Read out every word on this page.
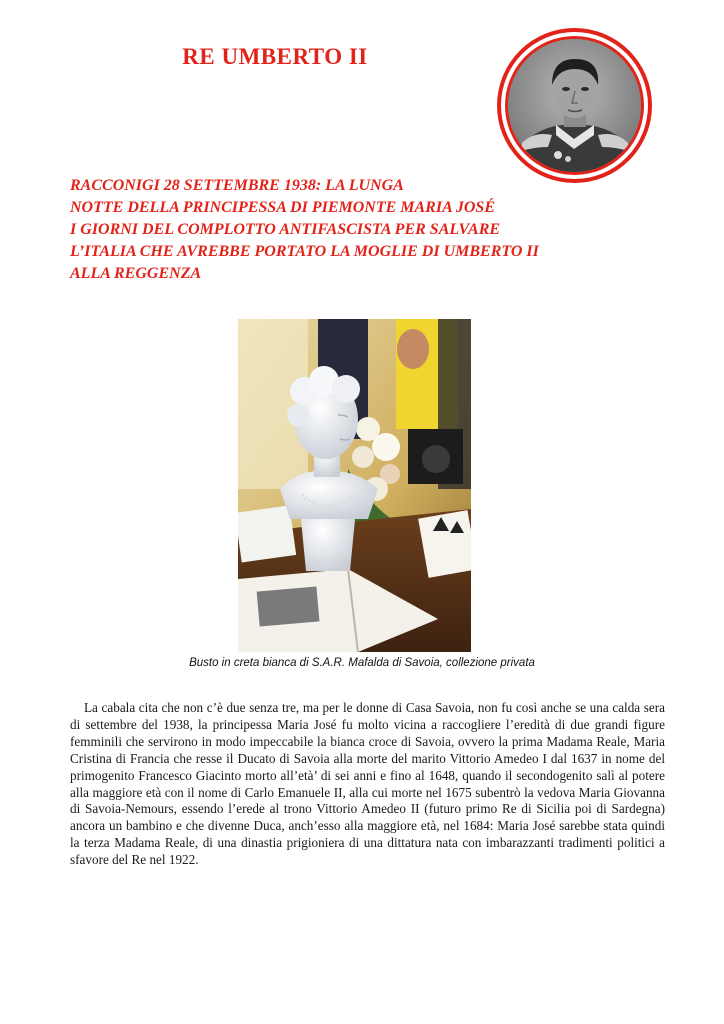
RE UMBERTO II
RACCONIGI 28 SETTEMBRE 1938: LA LUNGA
NOTTE DELLA PRINCIPESSA DI PIEMONTE MARIA JOSÉ
I GIORNI DEL COMPLOTTO ANTIFASCISTA PER SALVARE
L’ITALIA CHE AVREBBE PORTATO LA MOGLIE DI UMBERTO II
ALLA REGGENZA
Busto in creta bianca di S.A.R. Mafalda di Savoia, collezione privata

La cabala cita che non c’è due senza tre, ma per le donne di Casa Savoia, non fu così anche se una calda sera di settembre del 1938, la principessa Maria José fu molto vicina a raccogliere l’eredità di due grandi figure femminili che servirono in modo impeccabile la bianca croce di Savoia, ovvero la prima Madama Reale, Maria Cristina di Francia che resse il Ducato di Savoia alla morte del marito Vittorio Amedeo I dal 1637 in nome del primogenito Francesco Giacinto morto all’età’ di sei anni e fino al 1648, quando il secondogenito salì al potere alla maggiore età con il nome di Carlo Emanuele II, alla cui morte nel 1675 subentrò la vedova Maria Giovanna di Savoia-Nemours, essendo l’erede al trono Vittorio Amedeo II (futuro primo Re di Sicilia poi di Sardegna) ancora un bambino e che divenne Duca, anch’esso alla maggiore età, nel 1684: Maria José sarebbe stata quindi la terza Madama Reale, di una dinastia prigioniera di una dittatura nata con imbarazzanti tradimenti politici a sfavore del Re nel 1922.
